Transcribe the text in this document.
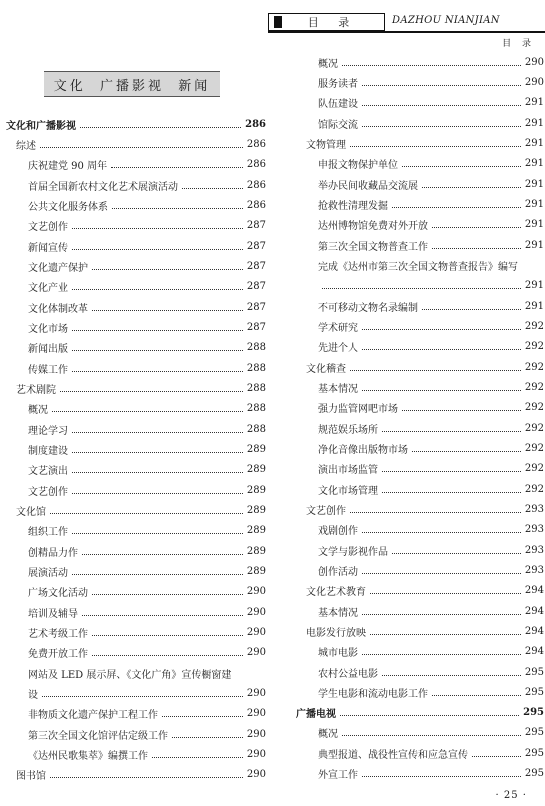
目 录	DAZHOU NIANJIAN
目 录
文化  广播影视  新闻
文化和广播影视	286
综述	286
庆祝建党 90 周年	286
首届全国新农村文化艺术展演活动	286
公共文化服务体系	286
文艺创作	287
新闻宣传	287
文化遗产保护	287
文化产业	287
文化体制改革	287
文化市场	287
新闻出版	288
传媒工作	288
艺术剧院	288
概况	288
理论学习	288
制度建设	289
文艺演出	289
文艺创作	289
文化馆	289
组织工作	289
创精品力作	289
展演活动	289
广场文化活动	290
培训及辅导	290
艺术考级工作	290
免费开放工作	290
网站及 LED 展示屏、《文化广角》宣传橱窗建
设	290
非物质文化遗产保护工程工作	290
第三次全国文化馆评估定级工作	290
《达州民歌集萃》编撰工作	290
图书馆	290
概况	290
服务读者	290
队伍建设	291
馆际交流	291
文物管理	291
申报文物保护单位	291
举办民间收藏品交流展	291
抢救性清理发掘	291
达州博物馆免费对外开放	291
第三次全国文物普查工作	291
完成《达州市第三次全国文物普查报告》编写
291
不可移动文物名录编制	291
学术研究	292
先进个人	292
文化稽查	292
基本情况	292
强力监管网吧市场	292
规范娱乐场所	292
净化音像出版物市场	292
演出市场监管	292
文化市场管理	292
文艺创作	293
戏剧创作	293
文学与影视作品	293
创作活动	293
文化艺术教育	294
基本情况	294
电影发行放映	294
城市电影	294
农村公益电影	295
学生电影和流动电影工作	295
广播电视	295
概况	295
典型报道、战役性宣传和应急宣传	295
外宣工作	295
· 25 ·
